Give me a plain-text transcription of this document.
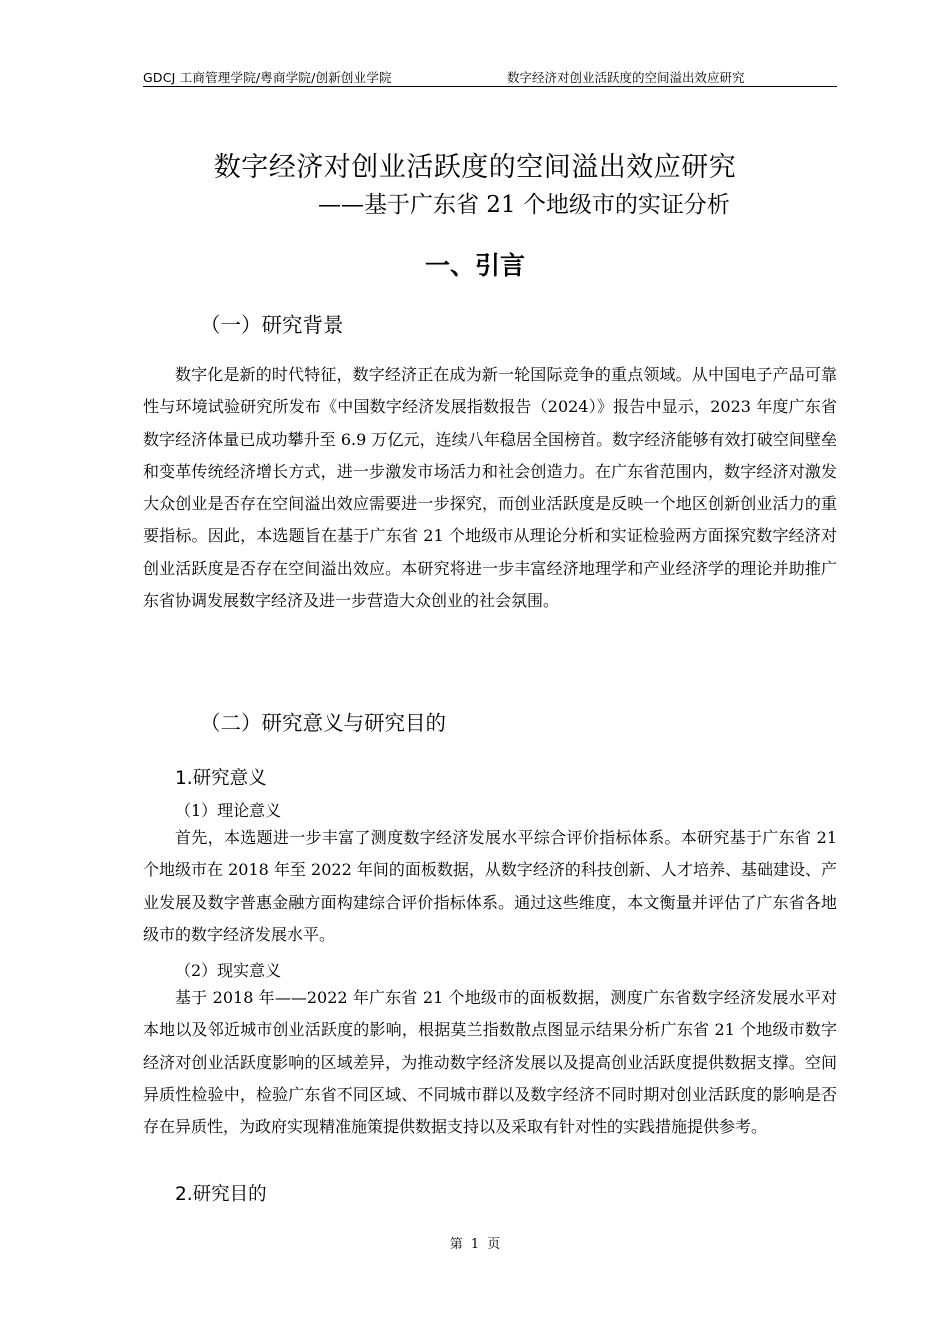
GDCJ 工商管理学院/粤商学院/创新创业学院	数字经济对创业活跃度的空间溢出效应研究
数字经济对创业活跃度的空间溢出效应研究
——基于广东省 21 个地级市的实证分析
一、引言
（一）研究背景

数字化是新的时代特征，数字经济正在成为新一轮国际竞争的重点领域。从中国电子产品可靠性与环境试验研究所发布《中国数字经济发展指数报告（2024）》报告中显示，2023 年度广东省数字经济体量已成功攀升至 6.9 万亿元，连续八年稳居全国榜首。数字经济能够有效打破空间壁垒和变革传统经济增长方式，进一步激发市场活力和社会创造力。在广东省范围内，数字经济对激发大众创业是否存在空间溢出效应需要进一步探究，而创业活跃度是反映一个地区创新创业活力的重要指标。因此，本选题旨在基于广东省 21 个地级市从理论分析和实证检验两方面探究数字经济对创业活跃度是否存在空间溢出效应。本研究将进一步丰富经济地理学和产业经济学的理论并助推广东省协调发展数字经济及进一步营造大众创业的社会氛围。

（二）研究意义与研究目的
1.研究意义
（1）理论意义

首先，本选题进一步丰富了测度数字经济发展水平综合评价指标体系。本研究基于广东省 21 个地级市在 2018 年至 2022 年间的面板数据，从数字经济的科技创新、人才培养、基础建设、产业发展及数字普惠金融方面构建综合评价指标体系。通过这些维度，本文衡量并评估了广东省各地级市的数字经济发展水平。

（2）现实意义

基于 2018 年——2022 年广东省 21 个地级市的面板数据，测度广东省数字经济发展水平对本地以及邻近城市创业活跃度的影响，根据莫兰指数散点图显示结果分析广东省 21 个地级市数字经济对创业活跃度影响的区域差异，为推动数字经济发展以及提高创业活跃度提供数据支撑。空间异质性检验中，检验广东省不同区域、不同城市群以及数字经济不同时期对创业活跃度的影响是否存在异质性，为政府实现精准施策提供数据支持以及采取有针对性的实践措施提供参考。

2.研究目的
第 1 页
